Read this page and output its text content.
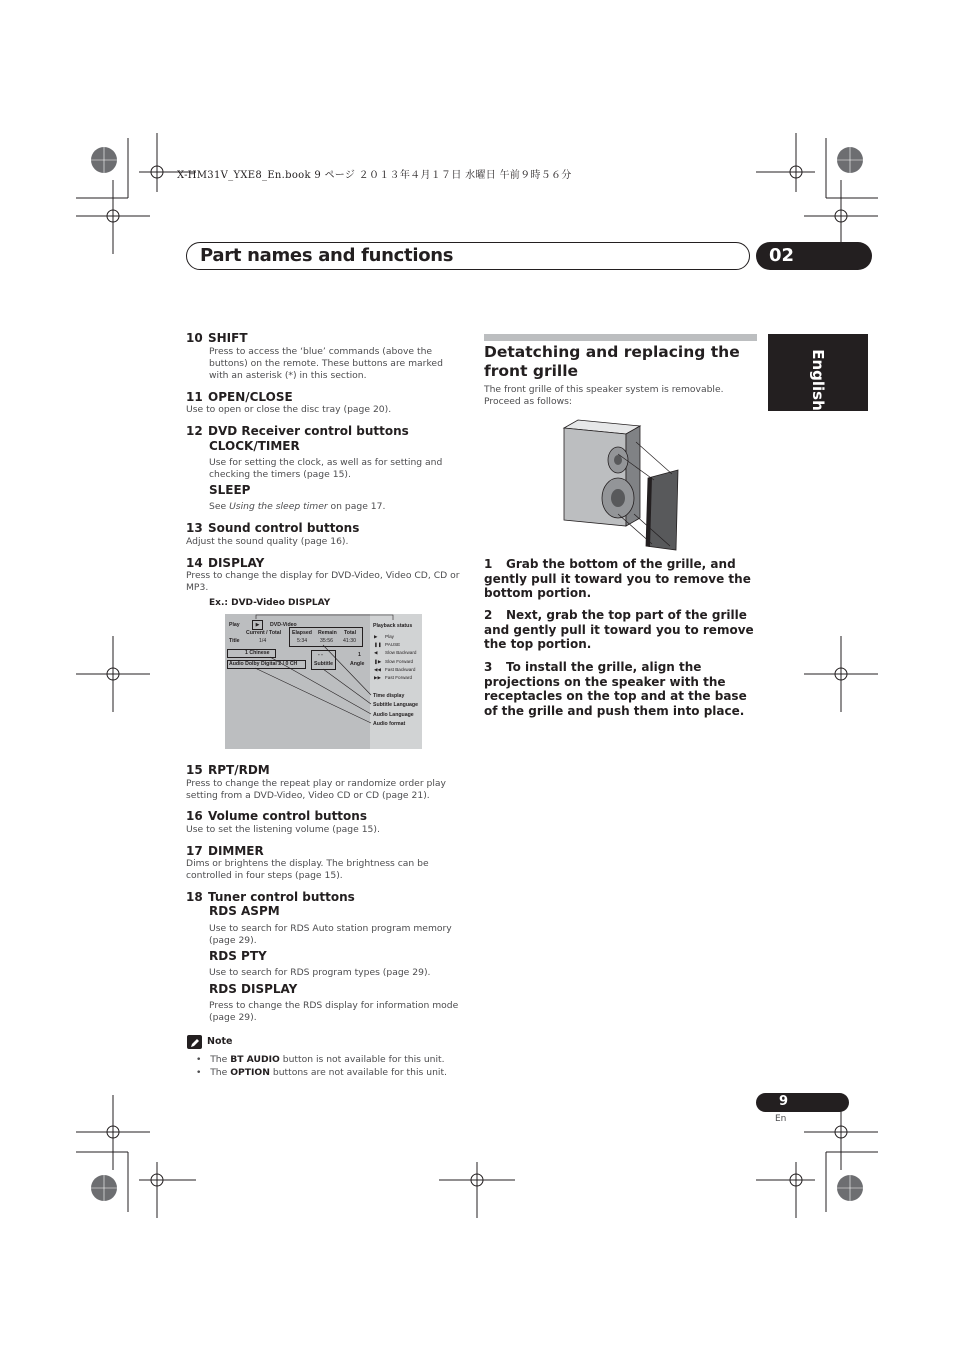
X-HM31V_YXE8_En.book 9 ページ ２０１３年４月１７日 水曜日 午前９時５６分
Part names and functions	02
English
10 SHIFT
Press to access the ‘blue’ commands (above the buttons) on the remote. These buttons are marked with an asterisk (*) in this section.
11 OPEN/CLOSE
Use to open or close the disc tray (page 20).
12 DVD Receiver control buttons
CLOCK/TIMER
Use for setting the clock, as well as for setting and checking the timers (page 15).
SLEEP
See Using the sleep timer on page 17.
13 Sound control buttons
Adjust the sound quality (page 16).
14 DISPLAY
Press to change the display for DVD-Video, Video CD, CD or MP3.
Ex.: DVD-Video DISPLAY
Play	▶	DVD-Video
Current / Total
Title	1/4
Elapsed Remain Total
5:34 35:56 41:30
1 Chinese	- -
Subtitle
1
Angle
Audio Dolby Digital 2 / 0 CH
Playback status
▶
❚❚
◀
❚▶
◀◀
▶▶
Play
PAUSE
Slow Backward
Slow Forward
Fast Backward
Fast Forward
Time display
Subtitle Language
Audio Language
Audio format
15 RPT/RDM
Press to change the repeat play or randomize order play setting from a DVD-Video, Video CD or CD (page 21).
16 Volume control buttons
Use to set the listening volume (page 15).
17 DIMMER
Dims or brightens the display. The brightness can be controlled in four steps (page 15).
18 Tuner control buttons
RDS ASPM
Use to search for RDS Auto station program memory (page 29).
RDS PTY
Use to search for RDS program types (page 29).
RDS DISPLAY
Press to change the RDS display for information mode (page 29).
Note
•   The BT AUDIO button is not available for this unit.
•   The OPTION buttons are not available for this unit.
Detatching and replacing the front grille
The front grille of this speaker system is removable. Proceed as follows:
1 Grab the bottom of the grille, and gently pull it toward you to remove the bottom portion.
2 Next, grab the top part of the grille and gently pull it toward you to remove the top portion.
3 To install the grille, align the projections on the speaker with the receptacles on the top and at the base of the grille and push them into place.
9
En
